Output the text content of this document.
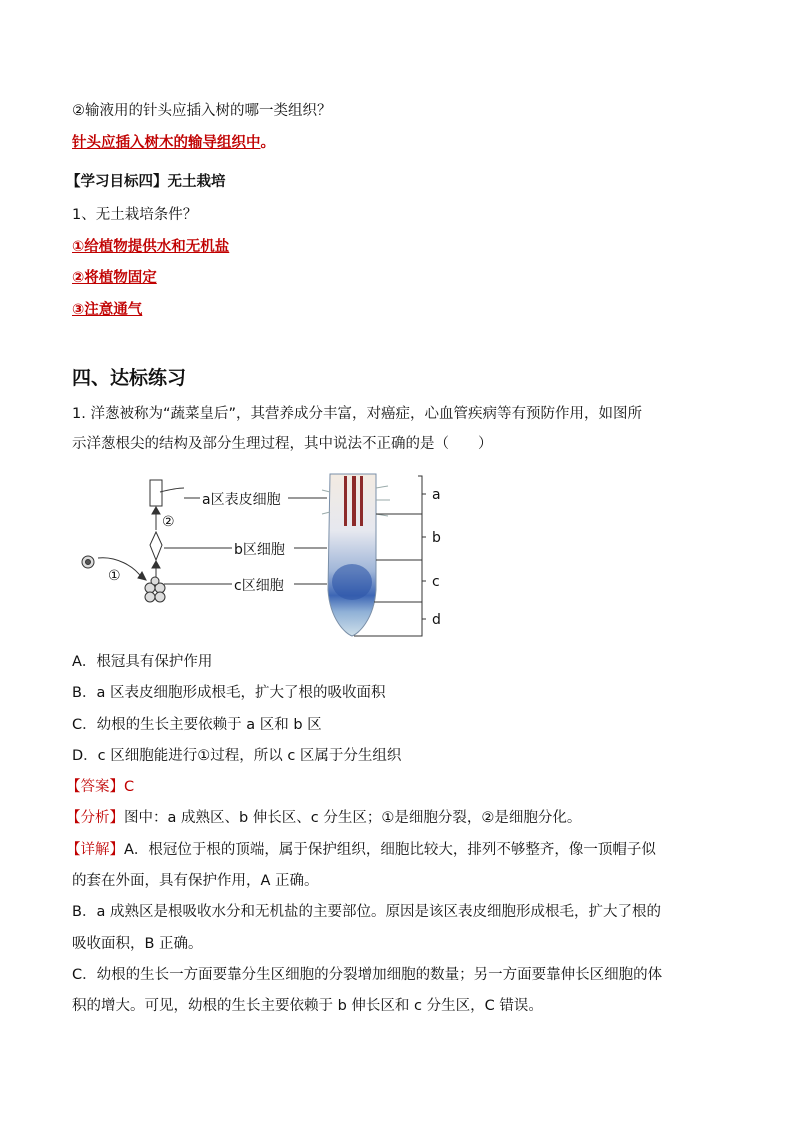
②输液用的针头应插入树的哪一类组织？
针头应插入树木的输导组织中。
【学习目标四】无土栽培
1、无土栽培条件？
①给植物提供水和无机盐
②将植物固定
③注意通气
四、达标练习
1. 洋葱被称为“蔬菜皇后”，其营养成分丰富，对癌症，心血管疾病等有预防作用，如图所
示洋葱根尖的结构及部分生理过程，其中说法不正确的是（　　）
a区表皮细胞
b区细胞
c区细胞
①
②
a
b
c
d
A．根冠具有保护作用
B．a 区表皮细胞形成根毛，扩大了根的吸收面积
C．幼根的生长主要依赖于 a 区和 b 区
D．c 区细胞能进行①过程，所以 c 区属于分生组织
【答案】C
【分析】图中：a 成熟区、b 伸长区、c 分生区；①是细胞分裂，②是细胞分化。
【详解】A．根冠位于根的顶端，属于保护组织，细胞比较大，排列不够整齐，像一顶帽子似
的套在外面，具有保护作用，A 正确。
B．a 成熟区是根吸收水分和无机盐的主要部位。原因是该区表皮细胞形成根毛，扩大了根的
吸收面积，B 正确。
C．幼根的生长一方面要靠分生区细胞的分裂增加细胞的数量；另一方面要靠伸长区细胞的体
积的增大。可见，幼根的生长主要依赖于 b 伸长区和 c 分生区，C 错误。
